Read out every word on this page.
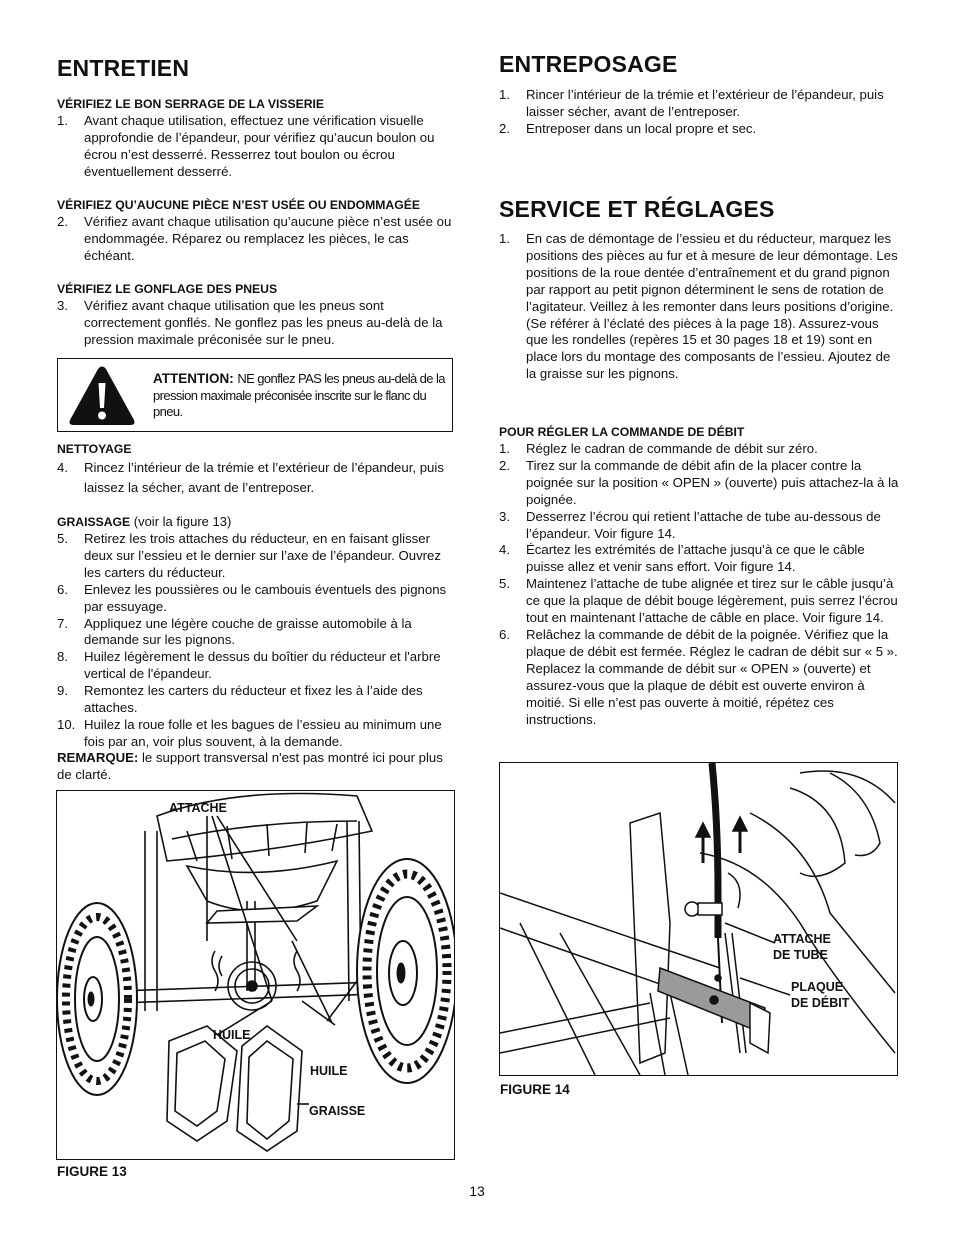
ENTRETIEN
VÉRIFIEZ LE BON SERRAGE DE LA VISSERIE
1. Avant chaque utilisation, effectuez une vérification visuelle approfondie de l’épandeur, pour vérifiez qu’aucun boulon ou écrou n’est desserré. Resserrez tout boulon ou écrou éventuellement desserré.
VÉRIFIEZ QU’AUCUNE PIÈCE N’EST USÉE OU ENDOMMAGÉE
2. Vérifiez avant chaque utilisation qu’aucune pièce n’est usée ou endommagée. Réparez ou remplacez les pièces, le cas échéant.
VÉRIFIEZ LE GONFLAGE DES PNEUS
3. Vérifiez avant chaque utilisation que les pneus sont correctement gonflés. Ne gonflez pas les pneus au-delà de la pression maximale préconisée sur le pneu.
ATTENTION: NE gonflez PAS les pneus au-delà de la pression maximale préconisée inscrite sur le flanc du pneu.
NETTOYAGE
4. Rincez l’intérieur de la trémie et l’extérieur de l’épandeur, puis laissez la sécher, avant de l’entreposer.
GRAISSAGE (voir la figure 13)
5. Retirez les trois attaches du réducteur, en en faisant glisser deux sur l’essieu et le dernier sur l’axe de l’épandeur. Ouvrez les carters du réducteur.
6. Enlevez les poussières ou le cambouis éventuels des pignons par essuyage.
7. Appliquez une légère couche de graisse automobile à la demande sur les pignons.
8. Huilez légèrement le dessus du boîtier du réducteur et l'arbre vertical de l'épandeur.
9. Remontez les carters du réducteur et fixez les à l’aide des attaches.
10. Huilez la roue folle et les bagues de l’essieu au minimum une fois par an, voir plus souvent, à la demande.

REMARQUE: le support transversal n'est pas montré ici pour plus de clarté.

ATTACHE
HUILE
HUILE
GRAISSE
FIGURE 13
ENTREPOSAGE
1. Rincer l’intérieur de la trémie et l’extérieur de l’épandeur, puis laisser sécher, avant de l’entreposer.
2. Entreposer dans un local propre et sec.
SERVICE ET RÉGLAGES
1. En cas de démontage de l’essieu et du réducteur, marquez les positions des pièces au fur et à mesure de leur démontage. Les positions de la roue dentée d’entraînement et du grand pignon par rapport au petit pignon déterminent le sens de rotation de l’agitateur. Veillez à les remonter dans leurs positions d’origine. (Se référer à l’éclaté des pièces à la page 18). Assurez-vous que les rondelles (repères 15 et 30 pages 18 et 19) sont en place lors du montage des composants de l’essieu. Ajoutez de la graisse sur les pignons.
POUR RÉGLER LA COMMANDE DE DÉBIT
1. Réglez le cadran de commande de débit sur zéro.
2. Tirez sur la commande de débit afin de la placer contre la poignée sur la position « OPEN » (ouverte) puis attachez-la à la poignée.
3. Desserrez l’écrou qui retient l’attache de tube au-dessous de l’épandeur. Voir figure 14.
4. Écartez les extrémités de l’attache jusqu’à ce que le câble puisse allez et venir sans effort. Voir figure 14.
5. Maintenez l’attache de tube alignée et tirez sur le câble jusqu’à ce que la plaque de débit bouge légèrement, puis serrez l’écrou tout en maintenant l’attache de câble en place. Voir figure 14.
6. Relâchez la commande de débit de la poignée. Vérifiez que la plaque de débit est fermée. Réglez le cadran de débit sur « 5 ». Replacez la commande de débit sur « OPEN » (ouverte) et assurez-vous que la plaque de débit est ouverte environ à moitié. Si elle n’est pas ouverte à moitié, répétez ces instructions.
ATTACHE
DE TUBE
PLAQUE
DE DÉBIT
FIGURE 14
13
